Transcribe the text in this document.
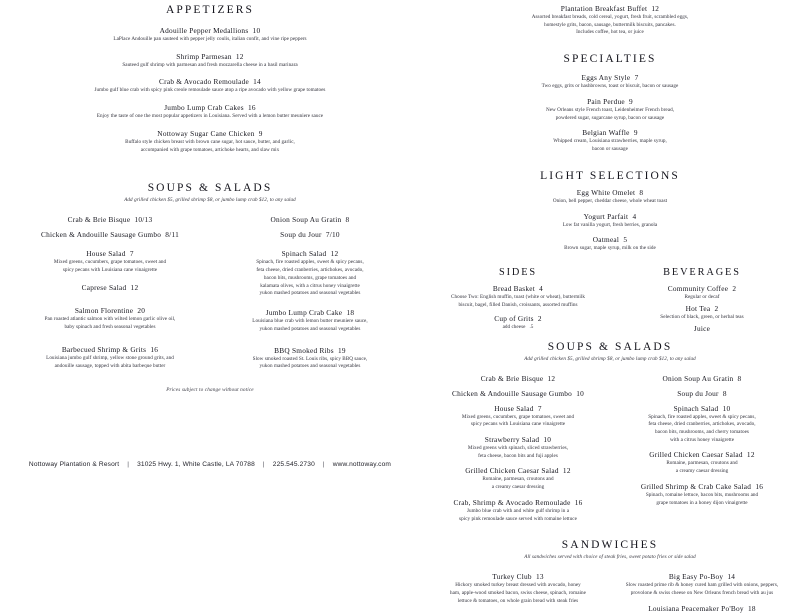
APPETIZERS
Adouille Pepper Medallions  10
LaPlace Andouille pan sauteed with pepper jelly coulis, italian confit, and vine ripe peppers
Shrimp Parmesan  12
Sauteed gulf shrimp with parmesan and fresh mozzarella cheese in a basil marinara
Crab & Avocado Remoulade  14
Jumbo gulf blue crab with spicy pink creole remoulade sauce atop a ripe avocado with yellow grape tomatoes
Jumbo Lump Crab Cakes  16
Enjoy the taste of one the most popular appetizers in Louisiana. Served with a lemon butter meuniere sauce
Nottoway Sugar Cane Chicken  9
Buffalo style chicken breast with brown cane sugar, hot sauce, butter, and garlic,
accompanied with grape tomatoes, artichoke hearts, and slaw mix
SOUPS & SALADS
Add grilled chicken $5, grilled shrimp $8, or jumbo lump crab $12, to any salad
Crab & Brie Bisque  10/13
Chicken & Andouille Sausage Gumbo  8/11
House Salad  7
Mixed greens, cucumbers, grape tomatoes, sweet and
spicy pecans with Louisiana cane vinaigrette
Caprese Salad  12
Salmon Florentine  20
Pan roasted atlantic salmon with wilted lemon garlic olive oil,
baby spinach and fresh seasonal vegetables
Barbecued Shrimp & Grits  16
Louisiana jumbo gulf shrimp, yellow stone ground grits, and
andouille sausage, topped with abita barbeque butter
Onion Soup Au Gratin  8
Soup du Jour  7/10
Spinach Salad  12
Spinach, fire roasted apples, sweet & spicy pecans,
feta cheese, dried cranberries, artichokes, avocado,
bacon bits, mushrooms, grape tomatoes and
kalamata olives, with a citrus honey vinaigrette
yukon mashed potatoes and seasonal vegetables
Jumbo Lump Crab Cake  18
Louisiana blue crab with lemon butter meuniere sauce,
yukon mashed potatoes and seasonal vegetables
BBQ Smoked Ribs  19
Slow smoked roasted St. Louis ribs, spicy BBQ sauce,
yukon mashed potatoes and seasonal vegetables
Prices subject to change without notice
Nottoway Plantation & Resort | 31025 Hwy. 1, White Castle, LA 70788 | 225.545.2730 | www.nottoway.com
Plantation Breakfast Buffet  12
Assorted breakfast breads, cold cereal, yogurt, fresh fruit, scrambled eggs,
homestyle grits, bacon, sausage, buttermilk biscuits, pancakes.
Includes coffee, hot tea, or juice
SPECIALTIES
Eggs Any Style  7
Two eggs, grits or hashbrowns, toast or biscuit, bacon or sausage
Pain Perdue  9
New Orleans style French toast, Leidenheimer French bread,
powdered sugar, sugarcane syrup, bacon or sausage
Belgian Waffle  9
Whipped cream, Louisiana strawberries, maple syrup,
bacon or sausage
LIGHT SELECTIONS
Egg White Omelet  8
Onion, bell pepper, cheddar cheese, whole wheat toast
Yogurt Parfait  4
Low fat vanilla yogurt, fresh berries, granola
Oatmeal  5
Brown sugar, maple syrup, milk on the side
SIDES
Bread Basket  4
Choose Two: English muffin, toast (white or wheat), buttermilk
biscuit, bagel, filled Danish, croissants, assorted muffins
Cup of Grits  2
add cheese   .5
BEVERAGES
Community Coffee  2
Regular or decaf
Hot Tea  2
Selection of black, green, or herbal teas
Juice
SOUPS & SALADS
Add grilled chicken $5, grilled shrimp $8, or jumbo lump crab $12, to any salad
Crab & Brie Bisque  12
Chicken & Andouille Sausage Gumbo  10
House Salad  7
Mixed greens, cucumbers, grape tomatoes, sweet and
spicy pecans with Louisiana cane vinaigrette
Strawberry Salad  10
Mixed greens with spinach, sliced strawberries,
feta cheese, bacon bits and fuji apples
Grilled Chicken Caesar Salad  12
Romaine, parmesan, croutons and
a creamy caesar dressing
Crab, Shrimp & Avocado Remoulade  16
Jumbo blue crab with and white gulf shrimp in a
spicy pink remoulade sauce served with romaine lettuce
Onion Soup Au Gratin  8
Soup du Jour  8
Spinach Salad  10
Spinach, fire roasted apples, sweet & spicy pecans,
feta cheese, dried cranberries, artichokes, avocado,
bacon bits, mushrooms, and cherry tomatoes
with a citrus honey vinaigrette
Grilled Chicken Caesar Salad  12
Romaine, parmesan, croutons and
a creamy caesar dressing
Grilled Shrimp & Crab Cake Salad  16
Spinach, romaine lettuce, bacon bits, mushrooms and
grape tomatoes in a honey dijon vinaigrette
SANDWICHES
All sandwiches served with choice of steak fries, sweet potato fries or side salad
Turkey Club  13
Hickory smoked turkey breast dressed with avocado, honey
ham, apple-wood smoked bacon, swiss cheese, spinach, romaine
lettuce & tomatoes, on whole grain bread with steak fries
Big Easy Po-Boy  14
Slow roasted prime rib & honey cured ham grilled with onions, peppers,
provolone & swiss cheese on New Orleans french bread with au jus
Louisiana Peacemaker Po'Boy  18
